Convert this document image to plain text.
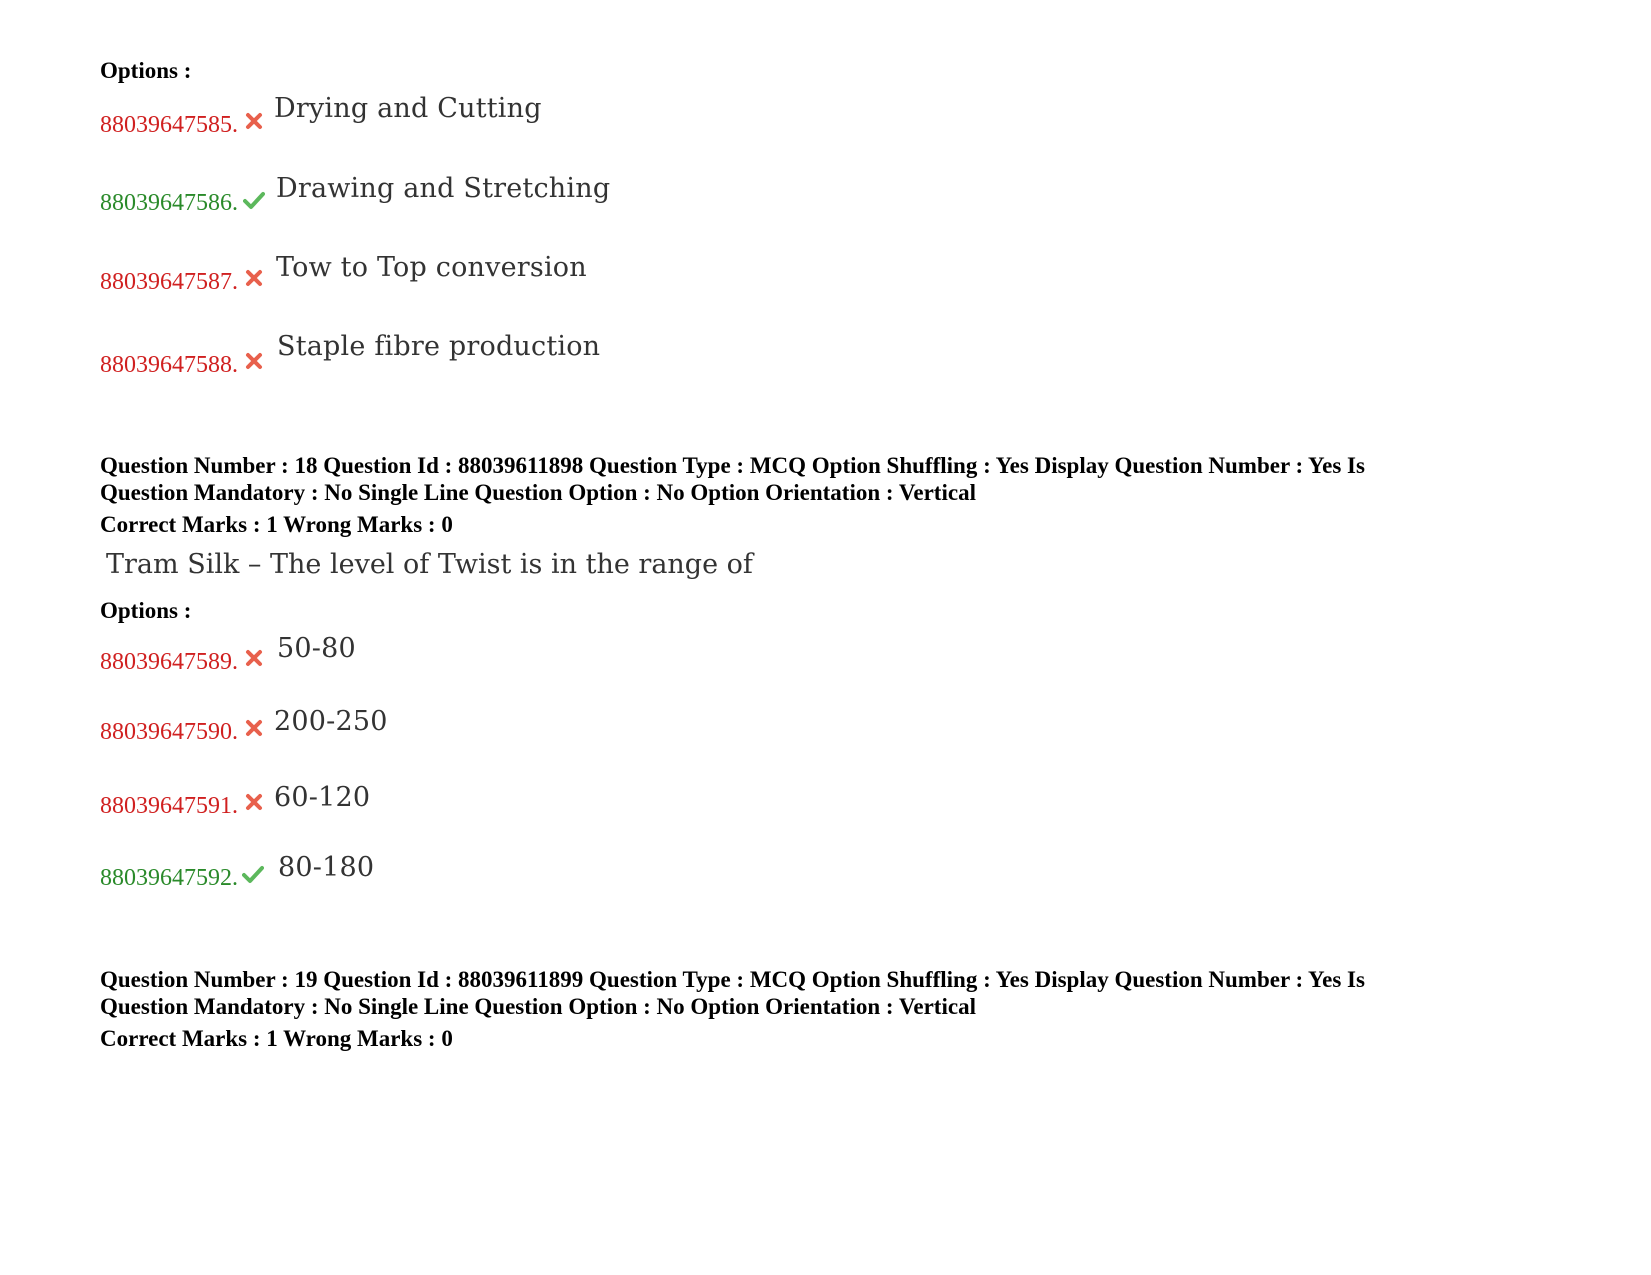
Options :
88039647585.
Drying and Cutting
88039647586. Drawing and Stretching
88039647587. Tow to Top conversion
88039647588.
Staple fibre production
Question Number : 18 Question Id : 88039611898 Question Type : MCQ Option Shuffling : Yes Display Question Number : Yes Is
Question Mandatory : No Single Line Question Option : No Option Orientation : Vertical
Correct Marks : 1 Wrong Marks : 0
Tram Silk – The level of Twist is in the range of
Options :
88039647589. 50-80
88039647590. 200-250
88039647591. 60-120
88039647592. 80-180
Question Number : 19 Question Id : 88039611899 Question Type : MCQ Option Shuffling : Yes Display Question Number : Yes Is
Question Mandatory : No Single Line Question Option : No Option Orientation : Vertical
Correct Marks : 1 Wrong Marks : 0
